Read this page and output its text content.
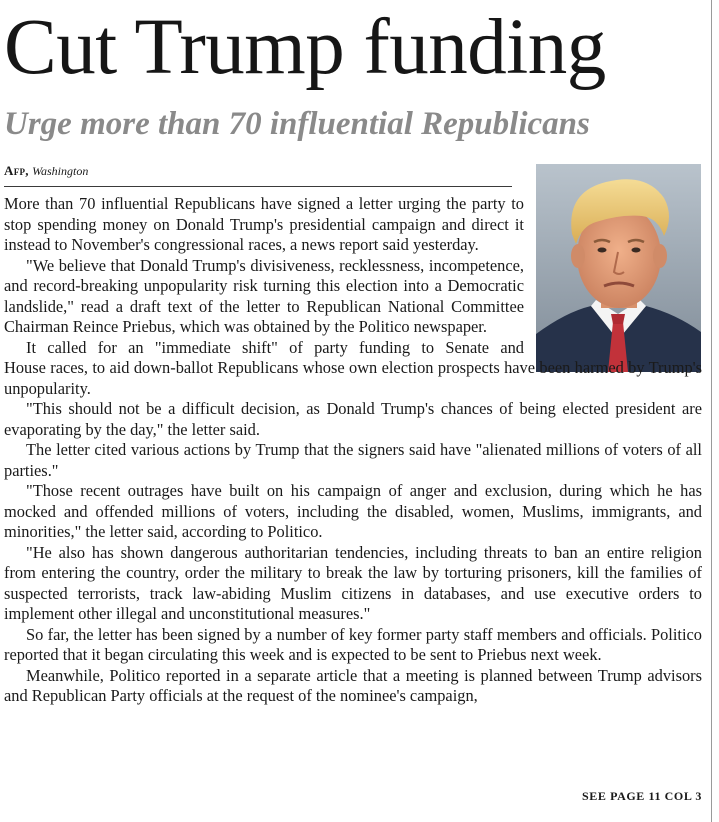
Cut Trump funding
Urge more than 70 influential Republicans
Afp, Washington

More than 70 influential Republicans have signed a letter urging the party to stop spending money on Donald Trump's presidential campaign and direct it instead to November's congressional races, a news report said yesterday.

"We believe that Donald Trump's divisiveness, recklessness, incompetence, and record-breaking unpopularity risk turning this election into a Democratic landslide," read a draft text of the letter to Republican National Committee Chairman Reince Priebus, which was obtained by the Politico newspaper.

It called for an "immediate shift" of party funding to Senate and

House races, to aid down-ballot Republicans whose own election prospects have been harmed by Trump's unpopularity.

"This should not be a difficult decision, as Donald Trump's chances of being elected president are evaporating by the day," the letter said.

The letter cited various actions by Trump that the signers said have "alienated millions of voters of all parties."

"Those recent outrages have built on his campaign of anger and exclusion, during which he has mocked and offended millions of voters, including the disabled, women, Muslims, immigrants, and minorities," the letter said, according to Politico.

"He also has shown dangerous authoritarian tendencies, including threats to ban an entire religion from entering the country, order the military to break the law by torturing prisoners, kill the families of suspected terrorists, track law-abiding Muslim citizens in databases, and use executive orders to implement other illegal and unconstitutional measures."

So far, the letter has been signed by a number of key former party staff members and officials. Politico reported that it began circulating this week and is expected to be sent to Priebus next week.

Meanwhile, Politico reported in a separate article that a meeting is planned between Trump advisors and Republican Party officials at the request of the nominee's campaign,

SEE PAGE 11 COL 3
